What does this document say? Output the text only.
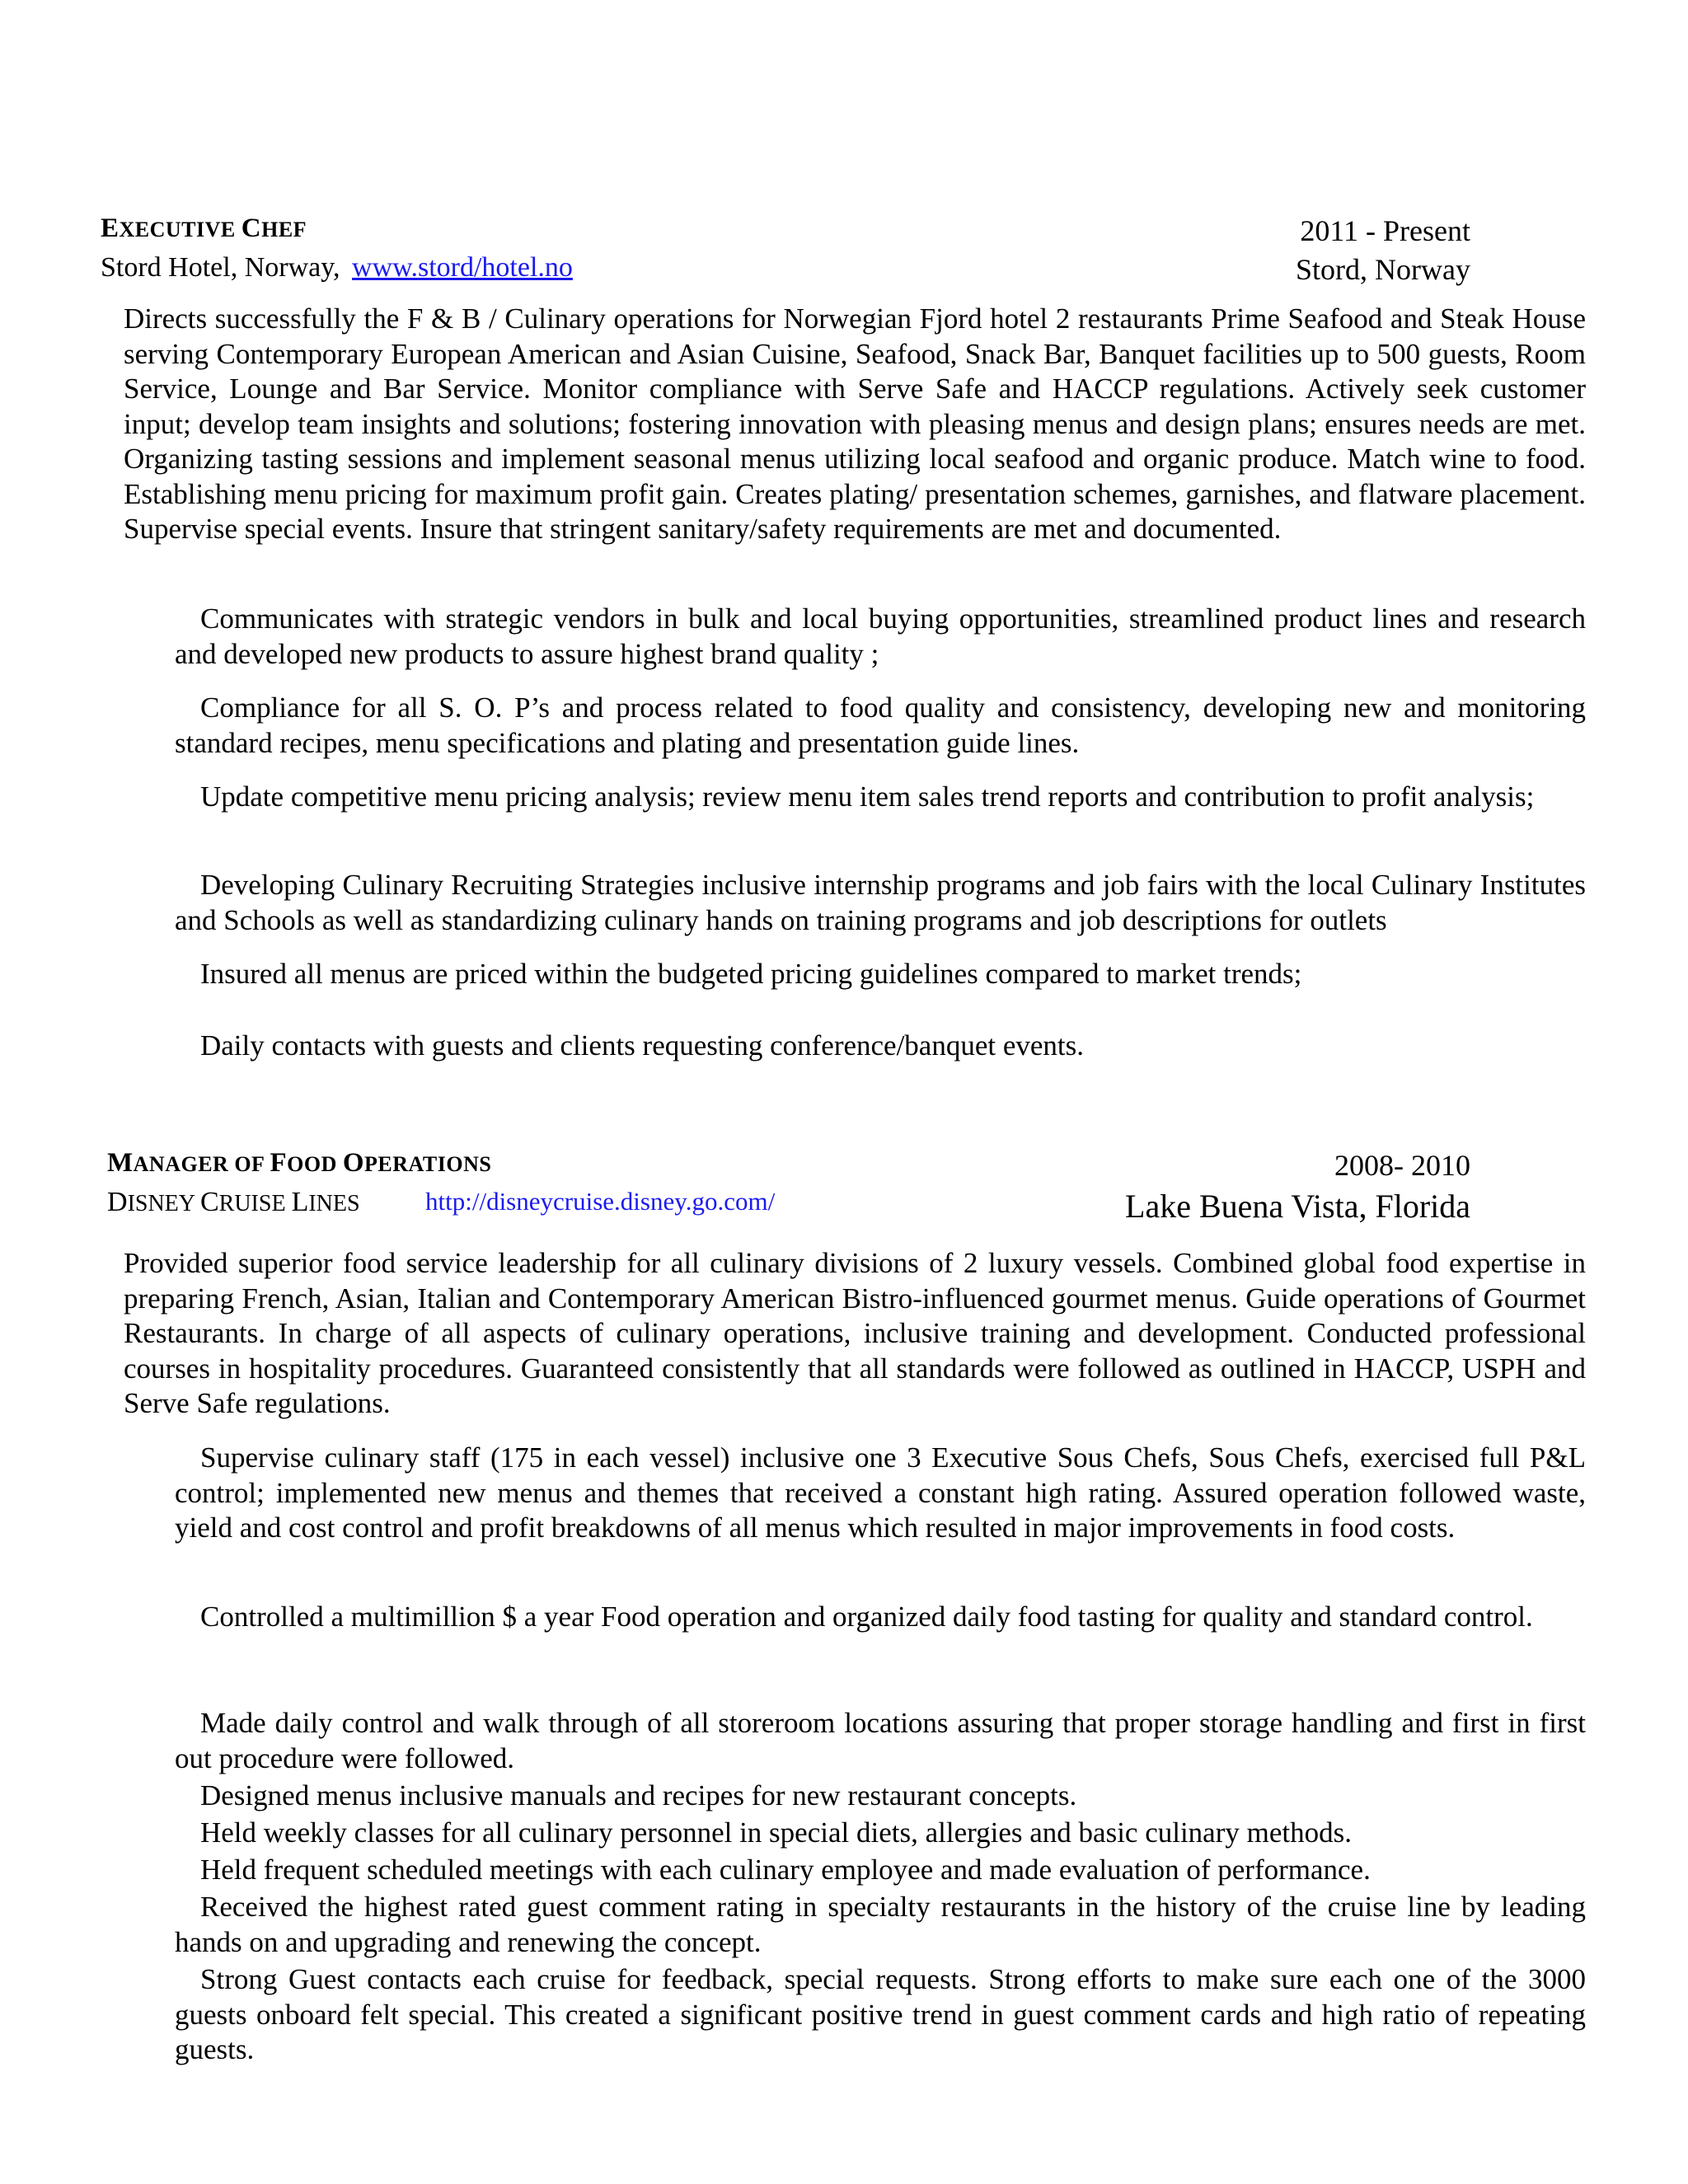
EXECUTIVE CHEF	2011 - Present
Stord Hotel, Norway, www.stord/hotel.no	Stord, Norway
Directs successfully the F & B / Culinary operations for Norwegian Fjord hotel 2 restaurants Prime Seafood and Steak House serving Contemporary European American and Asian Cuisine, Seafood, Snack Bar, Banquet facilities up to 500 guests, Room Service, Lounge and Bar Service. Monitor compliance with Serve Safe and HACCP regulations. Actively seek customer input; develop team insights and solutions; fostering innovation with pleasing menus and design plans; ensures needs are met. Organizing tasting sessions and implement seasonal menus utilizing local seafood and organic produce. Match wine to food. Establishing menu pricing for maximum profit gain. Creates plating/ presentation schemes, garnishes, and flatware placement. Supervise special events. Insure that stringent sanitary/safety requirements are met and documented.
Communicates with strategic vendors in bulk and local buying opportunities, streamlined product lines and research and developed new products to assure highest brand quality ;
Compliance for all S. O. P’s and process related to food quality and consistency, developing new and monitoring standard recipes, menu specifications and plating and presentation guide lines.
Update competitive menu pricing analysis; review menu item sales trend reports and contribution to profit analysis;
Developing Culinary Recruiting Strategies inclusive internship programs and job fairs with the local Culinary Institutes and Schools as well as standardizing culinary hands on training programs and job descriptions for outlets
Insured all menus are priced within the budgeted pricing guidelines compared to market trends;
Daily contacts with guests and clients requesting conference/banquet events.
MANAGER OF FOOD OPERATIONS	2008- 2010
DISNEY CRUISE LINES	http://disneycruise.disney.go.com/	Lake Buena Vista, Florida
Provided superior food service leadership for all culinary divisions of 2 luxury vessels. Combined global food expertise in preparing French, Asian, Italian and Contemporary American Bistro-influenced gourmet menus. Guide operations of Gourmet Restaurants. In charge of all aspects of culinary operations, inclusive training and development. Conducted professional courses in hospitality procedures. Guaranteed consistently that all standards were followed as outlined in HACCP, USPH and Serve Safe regulations.
Supervise culinary staff (175 in each vessel) inclusive one 3 Executive Sous Chefs, Sous Chefs, exercised full P&L control; implemented new menus and themes that received a constant high rating. Assured operation followed waste, yield and cost control and profit breakdowns of all menus which resulted in major improvements in food costs.
Controlled a multimillion $ a year Food operation and organized daily food tasting for quality and standard control.
Made daily control and walk through of all storeroom locations assuring that proper storage handling and first in first out procedure were followed.
Designed menus inclusive manuals and recipes for new restaurant concepts.
Held weekly classes for all culinary personnel in special diets, allergies and basic culinary methods.
Held frequent scheduled meetings with each culinary employee and made evaluation of performance.
Received the highest rated guest comment rating in specialty restaurants in the history of the cruise line by leading hands on and upgrading and renewing the concept.
Strong Guest contacts each cruise for feedback, special requests. Strong efforts to make sure each one of the 3000 guests onboard felt special. This created a significant positive trend in guest comment cards and high ratio of repeating guests.
